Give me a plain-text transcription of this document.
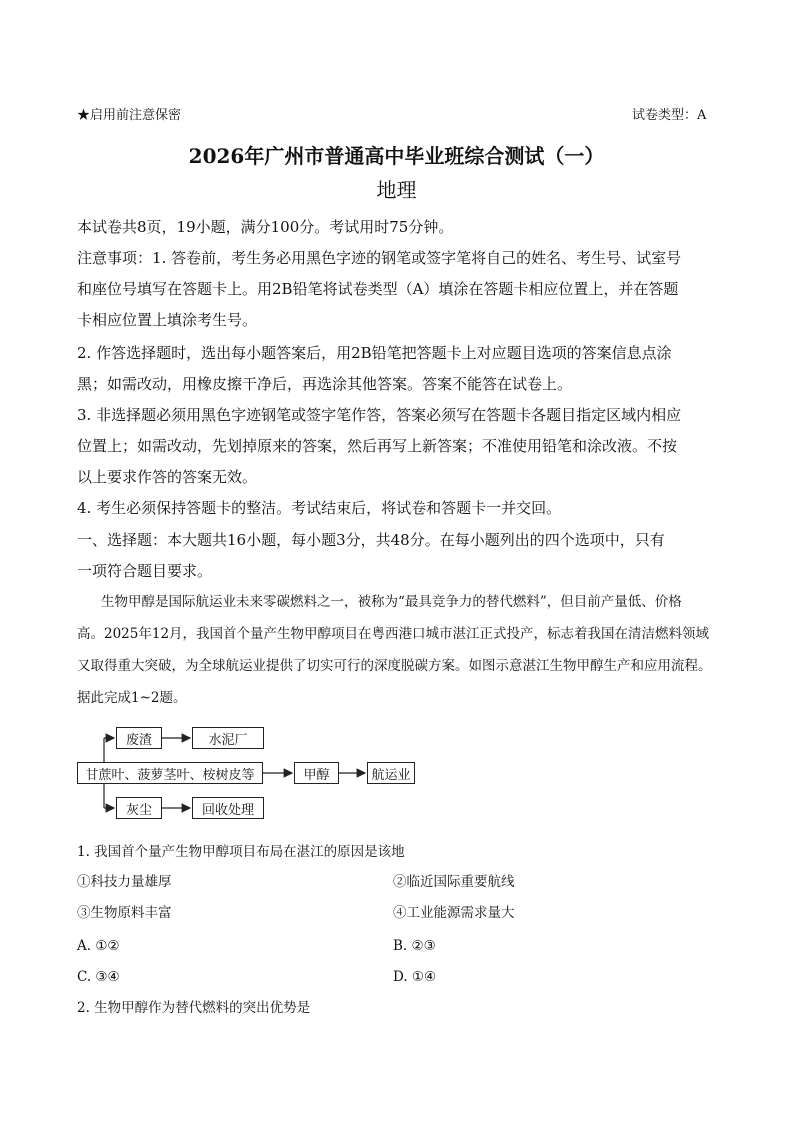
★启用前注意保密	试卷类型：A
2026年广州市普通高中毕业班综合测试（一）
地理
本试卷共8页，19小题，满分100分。考试用时75分钟。
注意事项：1. 答卷前，考生务必用黑色字迹的钢笔或签字笔将自己的姓名、考生号、试室号
和座位号填写在答题卡上。用2B铅笔将试卷类型（A）填涂在答题卡相应位置上，并在答题
卡相应位置上填涂考生号。
2. 作答选择题时，选出每小题答案后，用2B铅笔把答题卡上对应题目选项的答案信息点涂
黑；如需改动，用橡皮擦干净后，再选涂其他答案。答案不能答在试卷上。
3. 非选择题必须用黑色字迹钢笔或签字笔作答，答案必须写在答题卡各题目指定区域内相应
位置上；如需改动，先划掉原来的答案，然后再写上新答案；不准使用铅笔和涂改液。不按
以上要求作答的答案无效。
4. 考生必须保持答题卡的整洁。考试结束后，将试卷和答题卡一并交回。
一、选择题：本大题共16小题，每小题3分，共48分。在每小题列出的四个选项中，只有
一项符合题目要求。
生物甲醇是国际航运业未来零碳燃料之一，被称为“最具竞争力的替代燃料”，但目前产量低、价格
高。2025年12月，我国首个量产生物甲醇项目在粤西港口城市湛江正式投产，标志着我国在清洁燃料领域
又取得重大突破，为全球航运业提供了切实可行的深度脱碳方案。如图示意湛江生物甲醇生产和应用流程。
据此完成1~2题。
废渣	水泥厂
甘蔗叶、菠萝茎叶、桉树皮等	甲醇	航运业
灰尘	回收处理
1. 我国首个量产生物甲醇项目布局在湛江的原因是该地
①科技力量雄厚	②临近国际重要航线
③生物原料丰富	④工业能源需求量大
A. ①②	B. ②③
C. ③④	D. ①④
2. 生物甲醇作为替代燃料的突出优势是
